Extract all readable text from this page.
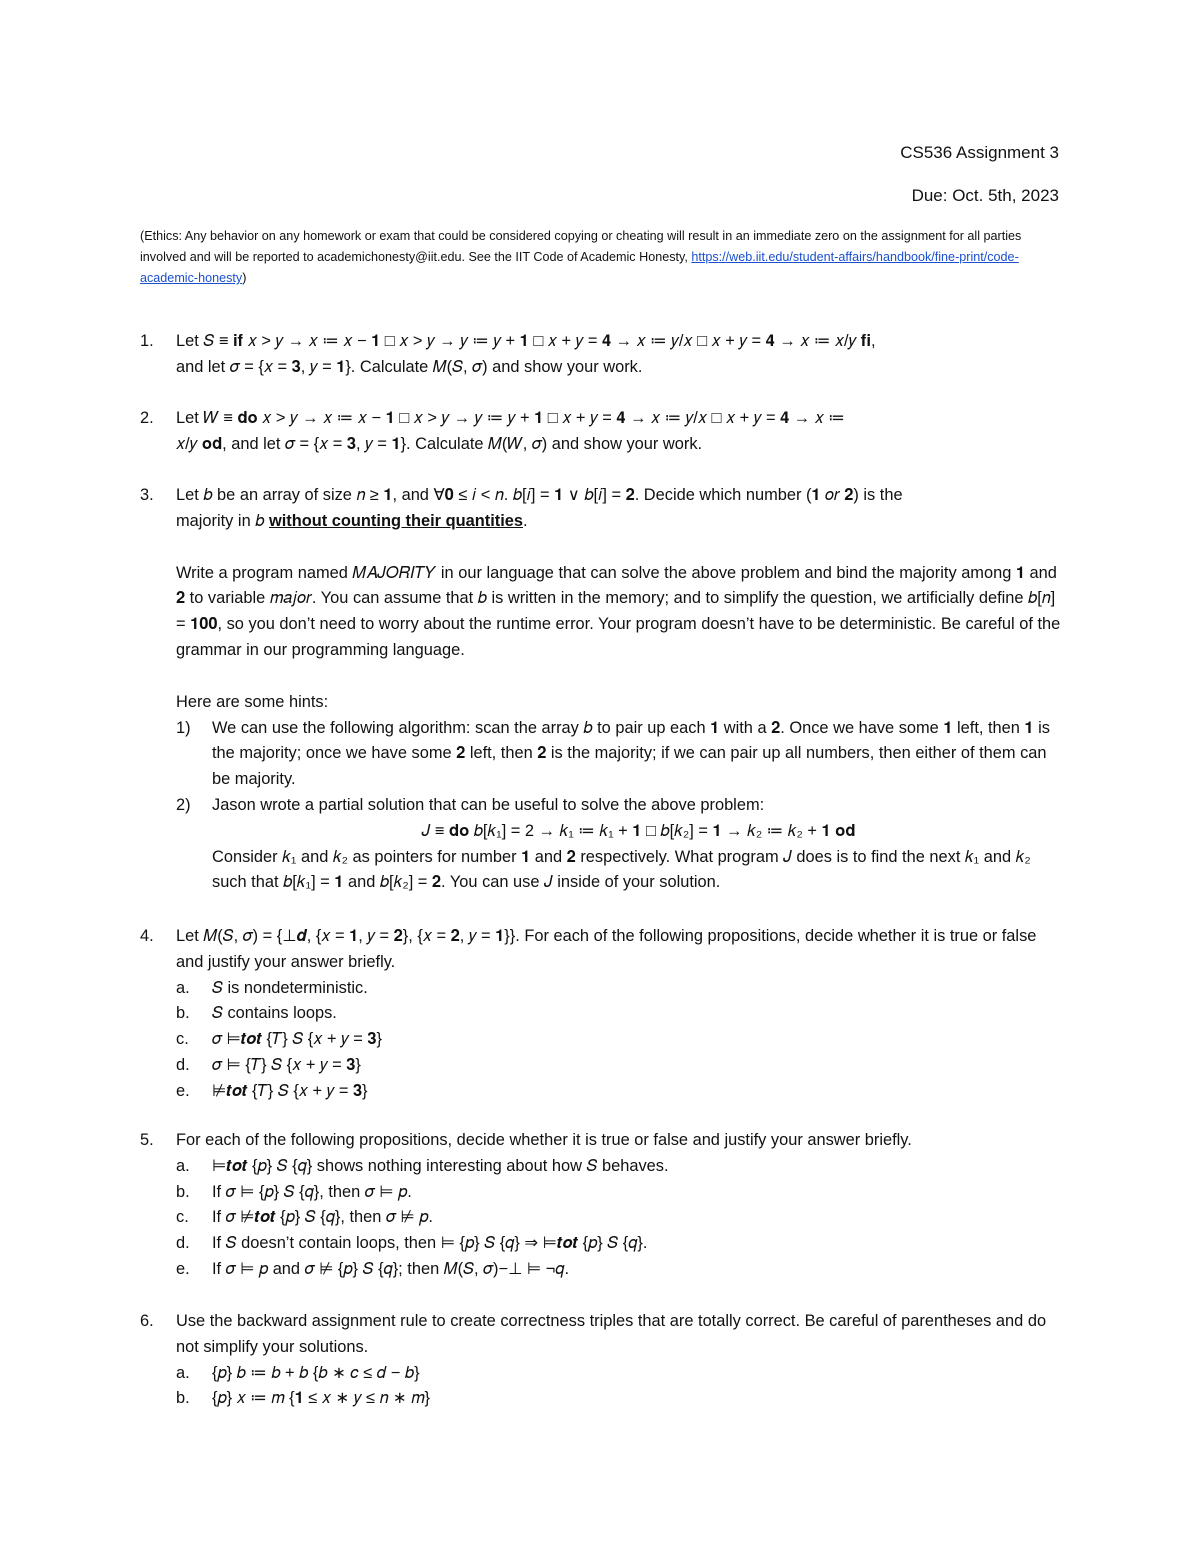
CS536 Assignment 3
Due: Oct. 5th, 2023
(Ethics: Any behavior on any homework or exam that could be considered copying or cheating will result in an immediate zero on the assignment for all parties involved and will be reported to academichonesty@iit.edu. See the IIT Code of Academic Honesty, https://web.iit.edu/student-affairs/handbook/fine-print/code-academic-honesty)
1. Let 𝑆 ≡ 𝐢𝐟 𝑥 > 𝑦 → 𝑥 ≔ 𝑥 − 𝟏 □ 𝑥 > 𝑦 → 𝑦 ≔ 𝑦 + 𝟏 □ 𝑥 + 𝑦 = 𝟒 → 𝑥 ≔ 𝑦/𝑥 □ 𝑥 + 𝑦 = 𝟒 → 𝑥 ≔ 𝑥/𝑦 𝐟𝐢,
and let 𝜎 = {𝑥 = 𝟑, 𝑦 = 𝟏}. Calculate 𝑀(𝑆, 𝜎) and show your work.
2. Let 𝑊 ≡ 𝐝𝐨 𝑥 > 𝑦 → 𝑥 ≔ 𝑥 − 𝟏 □ 𝑥 > 𝑦 → 𝑦 ≔ 𝑦 + 𝟏 □ 𝑥 + 𝑦 = 𝟒 → 𝑥 ≔ 𝑦/𝑥 □ 𝑥 + 𝑦 = 𝟒 → 𝑥 ≔
𝑥/𝑦 𝐨𝐝, and let 𝜎 = {𝑥 = 𝟑, 𝑦 = 𝟏}. Calculate 𝑀(𝑊, 𝜎) and show your work.
3. Let 𝑏 be an array of size 𝑛 ≥ 𝟏, and ∀𝟎 ≤ 𝑖 < 𝑛. 𝑏[𝑖] = 𝟏 ∨ 𝑏[𝑖] = 𝟐. Decide which number (𝟏 𝑜𝑟 𝟐) is the
majority in 𝑏 without counting their quantities.
Write a program named 𝑀𝐴𝐽𝑂𝑅𝐼𝑇𝑌 in our language that can solve the above problem and bind the majority among 𝟏 and 𝟐 to variable 𝑚𝑎𝑗𝑜𝑟. You can assume that 𝑏 is written in the memory; and to simplify the question, we artificially define 𝑏[𝑛] = 𝟏𝟎𝟎, so you don’t need to worry about the runtime error. Your program doesn’t have to be deterministic. Be careful of the grammar in our programming language.
Here are some hints:
1) We can use the following algorithm: scan the array 𝑏 to pair up each 𝟏 with a 𝟐. Once we have some 𝟏 left, then 𝟏 is the majority; once we have some 𝟐 left, then 𝟐 is the majority; if we can pair up all numbers, then either of them can be majority.
2) Jason wrote a partial solution that can be useful to solve the above problem:
𝐽 ≡ 𝐝𝐨 𝑏[𝑘₁] = 2 → 𝑘₁ ≔ 𝑘₁ + 𝟏 □ 𝑏[𝑘₂] = 𝟏 → 𝑘₂ ≔ 𝑘₂ + 𝟏 𝐨𝐝
Consider 𝑘₁ and 𝑘₂ as pointers for number 𝟏 and 𝟐 respectively. What program 𝐽 does is to find the next 𝑘₁ and 𝑘₂ such that 𝑏[𝑘₁] = 𝟏 and 𝑏[𝑘₂] = 𝟐. You can use 𝐽 inside of your solution.
4. Let 𝑀(𝑆, 𝜎) = {⊥𝒅, {𝑥 = 𝟏, 𝑦 = 𝟐}, {𝑥 = 𝟐, 𝑦 = 𝟏}}. For each of the following propositions, decide whether it is true or false and justify your answer briefly.
a. 𝑆 is nondeterministic.
b. 𝑆 contains loops.
c. 𝜎 ⊨𝒕𝒐𝒕 {𝑇} 𝑆 {𝑥 + 𝑦 = 𝟑}
d. 𝜎 ⊨ {𝑇} 𝑆 {𝑥 + 𝑦 = 𝟑}
e. ⊭𝒕𝒐𝒕 {𝑇} 𝑆 {𝑥 + 𝑦 = 𝟑}
5. For each of the following propositions, decide whether it is true or false and justify your answer briefly.
a. ⊨𝒕𝒐𝒕 {𝑝} 𝑆 {𝑞} shows nothing interesting about how 𝑆 behaves.
b. If 𝜎 ⊨ {𝑝} 𝑆 {𝑞}, then 𝜎 ⊨ 𝑝.
c. If 𝜎 ⊭𝒕𝒐𝒕 {𝑝} 𝑆 {𝑞}, then 𝜎 ⊭ 𝑝.
d. If 𝑆 doesn’t contain loops, then ⊨ {𝑝} 𝑆 {𝑞} ⇒ ⊨𝒕𝒐𝒕 {𝑝} 𝑆 {𝑞}.
e. If 𝜎 ⊨ 𝑝 and 𝜎 ⊭ {𝑝} 𝑆 {𝑞}; then 𝑀(𝑆, 𝜎)−⊥ ⊨ ¬𝑞.
6. Use the backward assignment rule to create correctness triples that are totally correct. Be careful of parentheses and do not simplify your solutions.
a. {𝑝} 𝑏 ≔ 𝑏 + 𝑏 {𝑏 ∗ 𝑐 ≤ 𝑑 − 𝑏}
b. {𝑝} 𝑥 ≔ 𝑚 {𝟏 ≤ 𝑥 ∗ 𝑦 ≤ 𝑛 ∗ 𝑚}
